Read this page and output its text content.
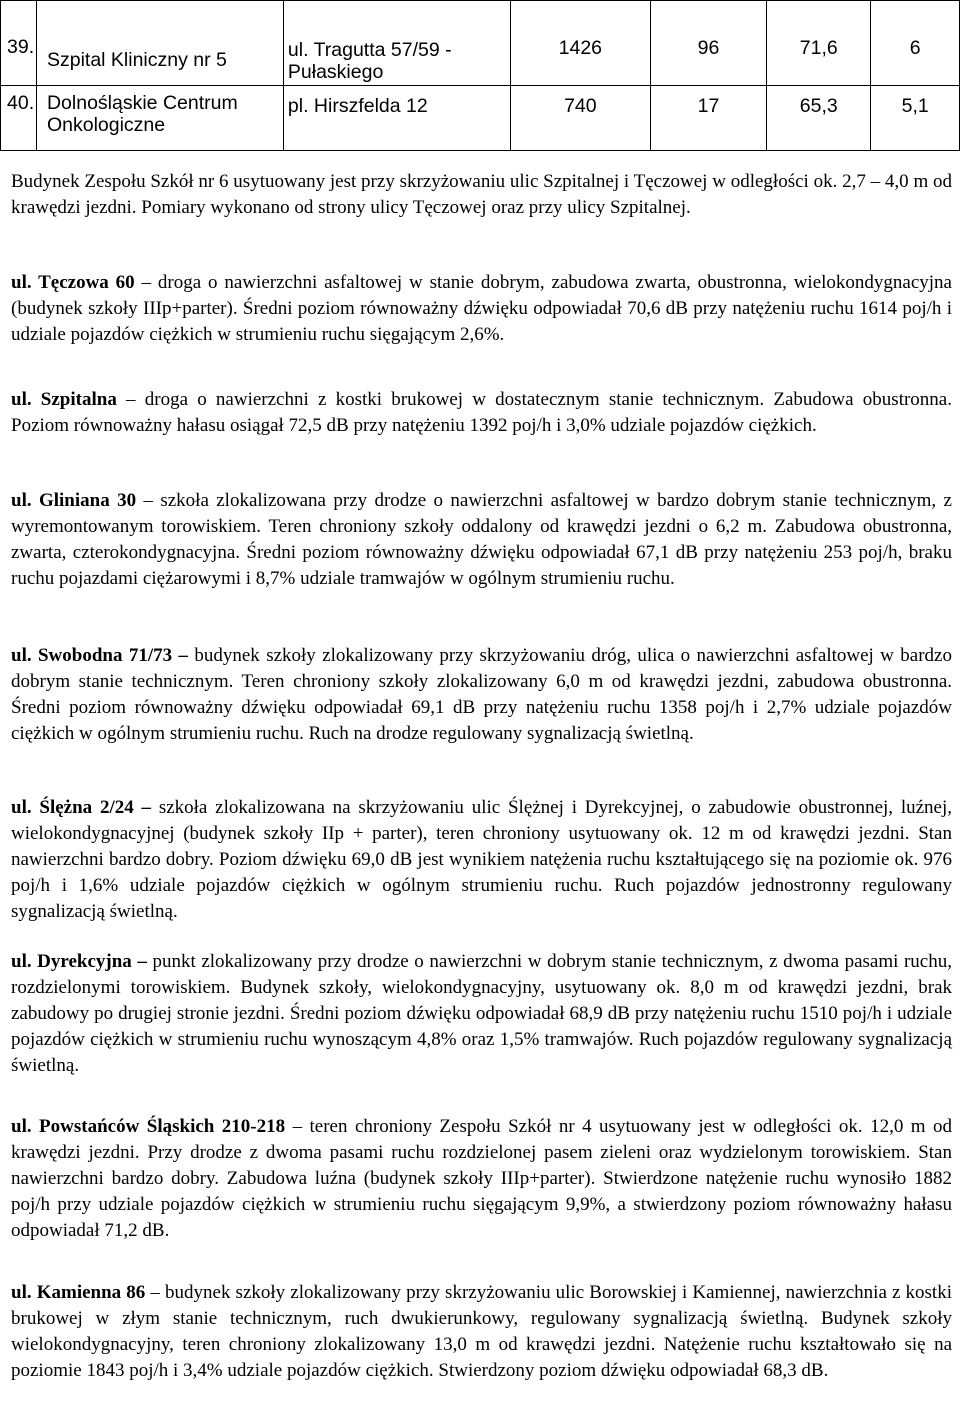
39.	Szpital Kliniczny nr 5	ul. Tragutta 57/59 - Pułaskiego	1426	96	71,6	6
40.	Dolnośląskie Centrum Onkologiczne	pl. Hirszfelda 12	740	17	65,3	5,1

Budynek Zespołu Szkół nr 6 usytuowany jest przy skrzyżowaniu ulic Szpitalnej i Tęczowej w odległości ok. 2,7 – 4,0 m od krawędzi jezdni. Pomiary wykonano od strony ulicy Tęczowej oraz przy ulicy Szpitalnej.

ul. Tęczowa 60 – droga o nawierzchni asfaltowej w stanie dobrym, zabudowa zwarta, obustronna, wielokondygnacyjna (budynek szkoły IIIp+parter). Średni poziom równoważny dźwięku odpowiadał 70,6 dB przy natężeniu ruchu 1614 poj/h i udziale pojazdów ciężkich w strumieniu ruchu sięgającym 2,6%.

ul. Szpitalna – droga o nawierzchni z kostki brukowej w dostatecznym stanie technicznym. Zabudowa obustronna. Poziom równoważny hałasu osiągał 72,5 dB przy natężeniu 1392 poj/h i 3,0% udziale pojazdów ciężkich.

ul. Gliniana 30 – szkoła zlokalizowana przy drodze o nawierzchni asfaltowej w bardzo dobrym stanie technicznym, z wyremontowanym torowiskiem. Teren chroniony szkoły oddalony od krawędzi jezdni o 6,2 m. Zabudowa obustronna, zwarta, czterokondygnacyjna. Średni poziom równoważny dźwięku odpowiadał 67,1 dB przy natężeniu 253 poj/h, braku ruchu pojazdami ciężarowymi i 8,7% udziale tramwajów w ogólnym strumieniu ruchu.

ul. Swobodna 71/73 – budynek szkoły zlokalizowany przy skrzyżowaniu dróg, ulica o nawierzchni asfaltowej w bardzo dobrym stanie technicznym. Teren chroniony szkoły zlokalizowany 6,0 m od krawędzi jezdni, zabudowa obustronna. Średni poziom równoważny dźwięku odpowiadał 69,1 dB przy natężeniu ruchu 1358 poj/h i 2,7% udziale pojazdów ciężkich w ogólnym strumieniu ruchu. Ruch na drodze regulowany sygnalizacją świetlną.

ul. Ślężna 2/24 – szkoła zlokalizowana na skrzyżowaniu ulic Ślężnej i Dyrekcyjnej, o zabudowie obustronnej, luźnej, wielokondygnacyjnej (budynek szkoły IIp + parter), teren chroniony usytuowany ok. 12 m od krawędzi jezdni. Stan nawierzchni bardzo dobry. Poziom dźwięku 69,0 dB jest wynikiem natężenia ruchu kształtującego się na poziomie ok. 976 poj/h i 1,6% udziale pojazdów ciężkich w ogólnym strumieniu ruchu. Ruch pojazdów jednostronny regulowany sygnalizacją świetlną.

ul. Dyrekcyjna – punkt zlokalizowany przy drodze o nawierzchni w dobrym stanie technicznym, z dwoma pasami ruchu, rozdzielonymi torowiskiem. Budynek szkoły, wielokondygnacyjny, usytuowany ok. 8,0 m od krawędzi jezdni, brak zabudowy po drugiej stronie jezdni. Średni poziom dźwięku odpowiadał 68,9 dB przy natężeniu ruchu 1510 poj/h i udziale pojazdów ciężkich w strumieniu ruchu wynoszącym 4,8% oraz 1,5% tramwajów. Ruch pojazdów regulowany sygnalizacją świetlną.

ul. Powstańców Śląskich 210-218 – teren chroniony Zespołu Szkół nr 4 usytuowany jest w odległości ok. 12,0 m od krawędzi jezdni. Przy drodze z dwoma pasami ruchu rozdzielonej pasem zieleni oraz wydzielonym torowiskiem. Stan nawierzchni bardzo dobry. Zabudowa luźna (budynek szkoły IIIp+parter). Stwierdzone natężenie ruchu wynosiło 1882 poj/h przy udziale pojazdów ciężkich w strumieniu ruchu sięgającym 9,9%, a stwierdzony poziom równoważny hałasu odpowiadał 71,2 dB.

ul. Kamienna 86 – budynek szkoły zlokalizowany przy skrzyżowaniu ulic Borowskiej i Kamiennej, nawierzchnia z kostki brukowej w złym stanie technicznym, ruch dwukierunkowy, regulowany sygnalizacją świetlną. Budynek szkoły wielokondygnacyjny, teren chroniony zlokalizowany 13,0 m od krawędzi jezdni. Natężenie ruchu kształtowało się na poziomie 1843 poj/h i 3,4% udziale pojazdów ciężkich. Stwierdzony poziom dźwięku odpowiadał 68,3 dB.
